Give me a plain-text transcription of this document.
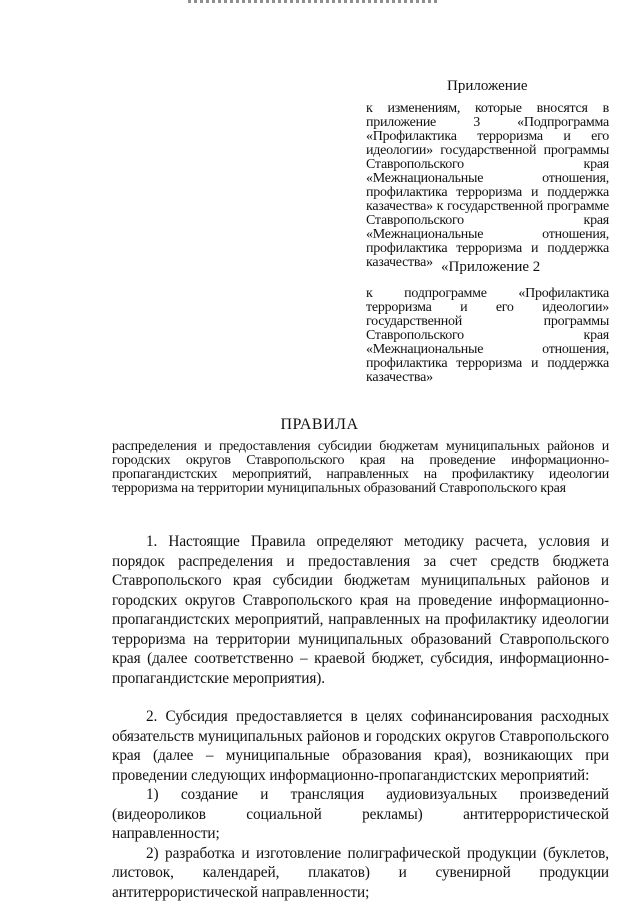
Приложение
к изменениям, которые вносятся в приложение 3 «Подпрограмма «Профилактика терроризма и его идеологии» государственной программы Ставропольского края «Межнациональные отношения, профилактика терроризма и поддержка казачества» к государственной программе Ставропольского края «Межнациональные отношения, профилактика терроризма и поддержка казачества» «Приложение 2
к подпрограмме «Профилактика терроризма и его идеологии» государственной программы Ставропольского края «Межнациональные отношения, профилактика терроризма и поддержка казачества»
ПРАВИЛА
распределения и предоставления субсидии бюджетам муниципальных районов и городских округов Ставропольского края на проведение информационно-пропагандистских мероприятий, направленных на профилактику идеологии терроризма на территории муниципальных образований Ставропольского края

1. Настоящие Правила определяют методику расчета, условия и порядок распределения и предоставления за счет средств бюджета Ставропольского края субсидии бюджетам муниципальных районов и городских округов Ставропольского края на проведение информационно-пропагандистских мероприятий, направленных на профилактику идеологии терроризма на территории муниципальных образований Ставропольского края (далее соответственно – краевой бюджет, субсидия, информационно-пропагандистские мероприятия).

2. Субсидия предоставляется в целях софинансирования расходных обязательств муниципальных районов и городских округов Ставропольского края (далее – муниципальные образования края), возникающих при проведении следующих информационно-пропагандистских мероприятий:

1) создание и трансляция аудиовизуальных произведений (видеороликов социальной рекламы) антитеррористической направленности;

2) разработка и изготовление полиграфической продукции (буклетов, листовок, календарей, плакатов) и сувенирной продукции антитеррористической направленности;
